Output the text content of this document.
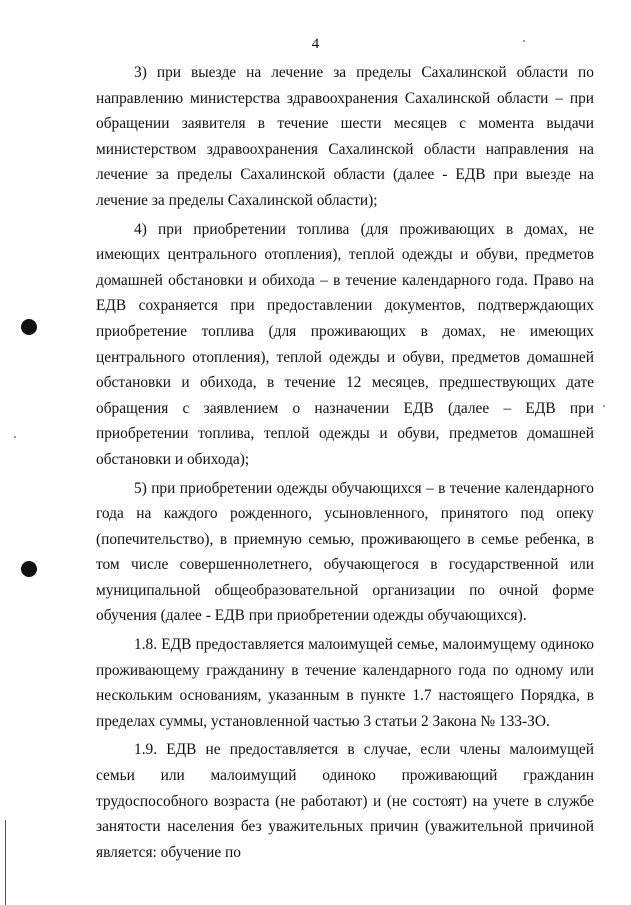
4

3) при выезде на лечение за пределы Сахалинской области по направлению министерства здравоохранения Сахалинской области – при обращении заявителя в течение шести месяцев с момента выдачи министерством здравоохранения Сахалинской области направления на лечение за пределы Сахалинской области (далее - ЕДВ при выезде на лечение за пределы Сахалинской области);

4) при приобретении топлива (для проживающих в домах, не имеющих центрального отопления), теплой одежды и обуви, предметов домашней обстановки и обихода – в течение календарного года. Право на ЕДВ сохраняется при предоставлении документов, подтверждающих приобретение топлива (для проживающих в домах, не имеющих центрального отопления), теплой одежды и обуви, предметов домашней обстановки и обихода, в течение 12 месяцев, предшествующих дате обращения с заявлением о назначении ЕДВ (далее – ЕДВ при приобретении топлива, теплой одежды и обуви, предметов домашней обстановки и обихода);

5) при приобретении одежды обучающихся – в течение календарного года на каждого рожденного, усыновленного, принятого под опеку (попечительство), в приемную семью, проживающего в семье ребенка, в том числе совершеннолетнего, обучающегося в государственной или муниципальной общеобразовательной организации по очной форме обучения (далее - ЕДВ при приобретении одежды обучающихся).

1.8. ЕДВ предоставляется малоимущей семье, малоимущему одиноко проживающему гражданину в течение календарного года по одному или нескольким основаниям, указанным в пункте 1.7 настоящего Порядка, в пределах суммы, установленной частью 3 статьи 2 Закона № 133-ЗО.

1.9. ЕДВ не предоставляется в случае, если члены малоимущей семьи или малоимущий одиноко проживающий гражданин трудоспособного возраста (не работают) и (не состоят) на учете в службе занятости населения без уважительных причин (уважительной причиной является: обучение по
